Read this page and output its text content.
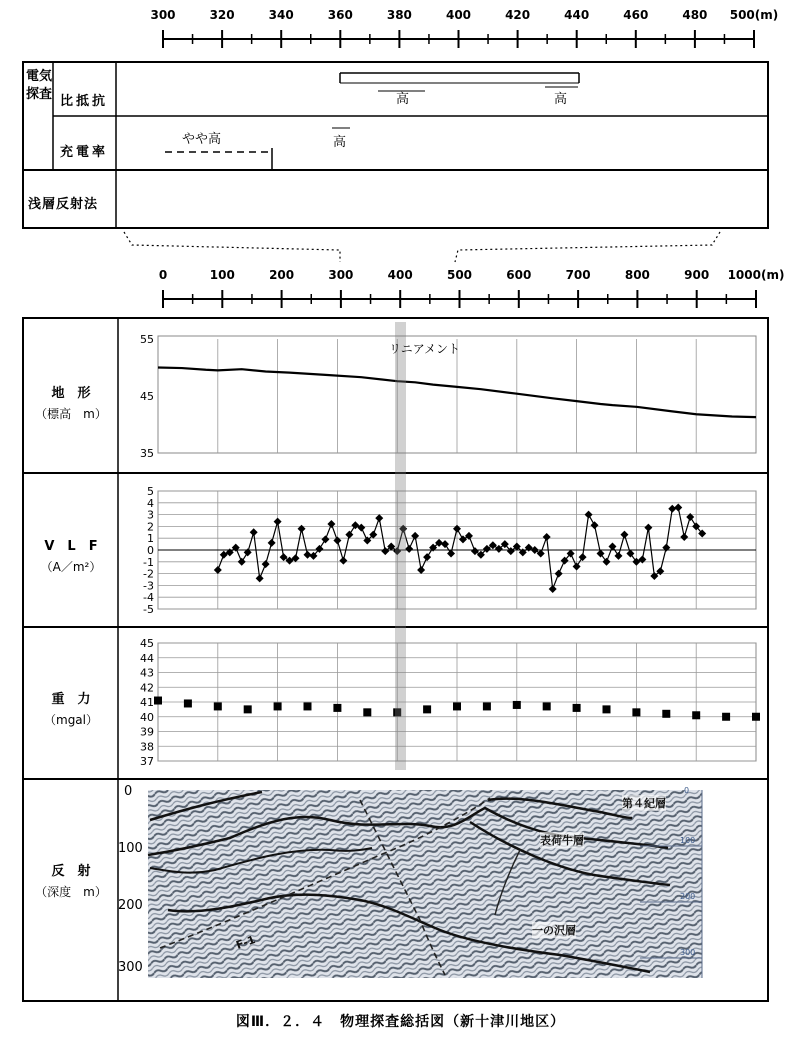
300	320	340	360	380	400	420	440	460	480 500(m)
0	100	200	300	400	500	600	700	800	900 1000(m)
55
45
35
5
4
3
2
1
0
-1
-2
-3
-4
-5
45
44
43
42
41
40
39
38
37
電気探査 比抵抗
充電率
浅層反射法
高	高
やや高	高
地　形
（標高　m）
リニアメント
V　L　F
（A／m²）
重　力
（mgal）
反　射
（深度　m）
第４紀層
表荷牛層
一の沢層
F-1
0
100
200
300
0
100
200
300
図Ⅲ．２．４　物理探査総括図（新十津川地区）
